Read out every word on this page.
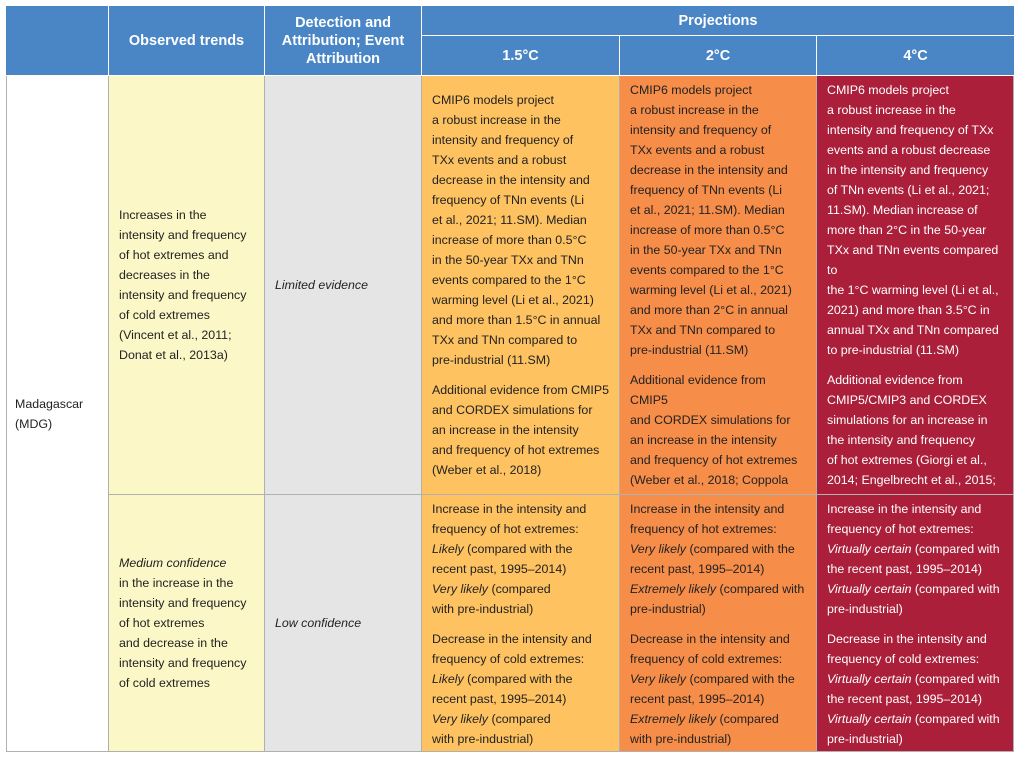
Observed trends
Detection and
Attribution; Event
Attribution
Projections
1.5°C	2°C	4°C

Madagascar
(MDG)

Increases in the
intensity and frequency
of hot extremes and
decreases in the
intensity and frequency
of cold extremes
(Vincent et al., 2011;
Donat et al., 2013a)

Limited evidence

CMIP6 models project
a robust increase in the
intensity and frequency of
TXx events and a robust
decrease in the intensity and
frequency of TNn events (Li
et al., 2021; 11.SM). Median
increase of more than 0.5°C
in the 50-year TXx and TNn
events compared to the 1°C
warming level (Li et al., 2021)
and more than 1.5°C in annual
TXx and TNn compared to
pre-industrial (11.SM)

Additional evidence from CMIP5
and CORDEX simulations for
an increase in the intensity
and frequency of hot extremes
(Weber et al., 2018)

CMIP6 models project
a robust increase in the
intensity and frequency of
TXx events and a robust
decrease in the intensity and
frequency of TNn events (Li
et al., 2021; 11.SM). Median
increase of more than 0.5°C
in the 50-year TXx and TNn
events compared to the 1°C
warming level (Li et al., 2021)
and more than 2°C in annual
TXx and TNn compared to
pre-industrial (11.SM)

Additional evidence from CMIP5
and CORDEX simulations for
an increase in the intensity
and frequency of hot extremes
(Weber et al., 2018; Coppola

CMIP6 models project
a robust increase in the
intensity and frequency of TXx
events and a robust decrease
in the intensity and frequency
of TNn events (Li et al., 2021;
11.SM). Median increase of
more than 2°C in the 50-year
TXx and TNn events compared to
the 1°C warming level (Li et al.,
2021) and more than 3.5°C in
annual TXx and TNn compared
to pre-industrial (11.SM)

Additional evidence from
CMIP5/CMIP3 and CORDEX
simulations for an increase in
the intensity and frequency
of hot extremes (Giorgi et al.,
2014; Engelbrecht et al., 2015;

Medium confidence
in the increase in the
intensity and frequency
of hot extremes
and decrease in the
intensity and frequency
of cold extremes

Low confidence

Increase in the intensity and
frequency of hot extremes:
Likely (compared with the
recent past, 1995–2014)
Very likely (compared
with pre-industrial)

Decrease in the intensity and
frequency of cold extremes:
Likely (compared with the
recent past, 1995–2014)
Very likely (compared
with pre-industrial)

Increase in the intensity and
frequency of hot extremes:
Very likely (compared with the
recent past, 1995–2014)
Extremely likely (compared with
pre-industrial)

Decrease in the intensity and
frequency of cold extremes:
Very likely (compared with the
recent past, 1995–2014)
Extremely likely (compared
with pre-industrial)

Increase in the intensity and
frequency of hot extremes:
Virtually certain (compared with
the recent past, 1995–2014)
Virtually certain (compared with
pre-industrial)

Decrease in the intensity and
frequency of cold extremes:
Virtually certain (compared with
the recent past, 1995–2014)
Virtually certain (compared with
pre-industrial)
